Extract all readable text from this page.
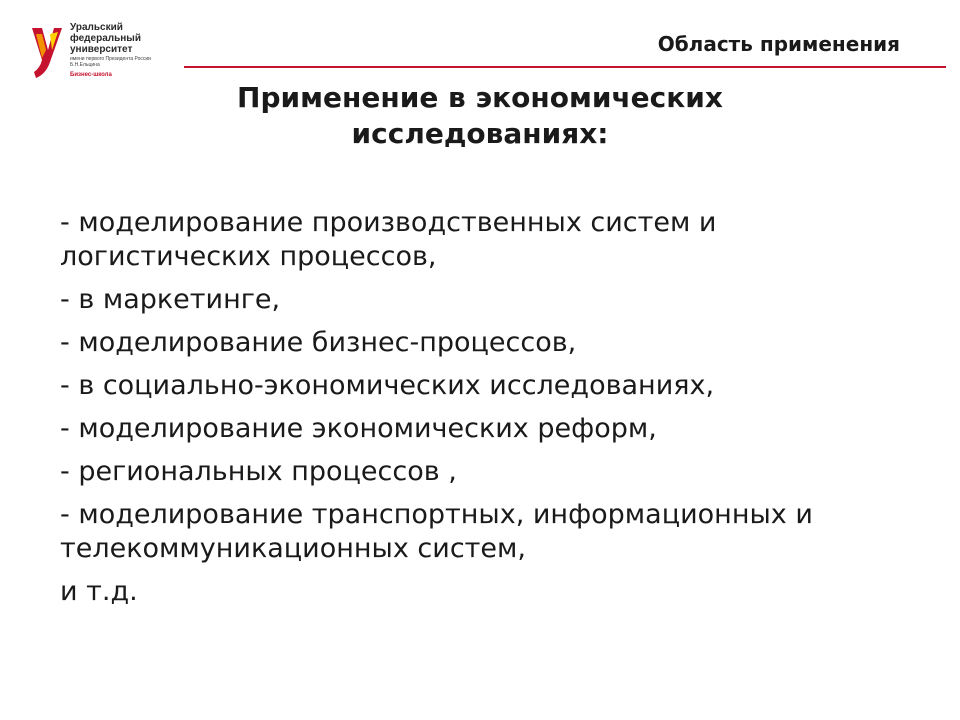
Уральский
федеральный
университет
имени первого Президента России Б.Н.Ельцина
Бизнес-школа
Область применения
Применение в экономических
исследованиях:
- моделирование производственных систем и логистических процессов,
- в маркетинге,
- моделирование бизнес-процессов,
- в социально-экономических исследованиях,
- моделирование экономических реформ,
- региональных процессов ,
- моделирование транспортных, информационных и телекоммуникационных систем,
и т.д.
